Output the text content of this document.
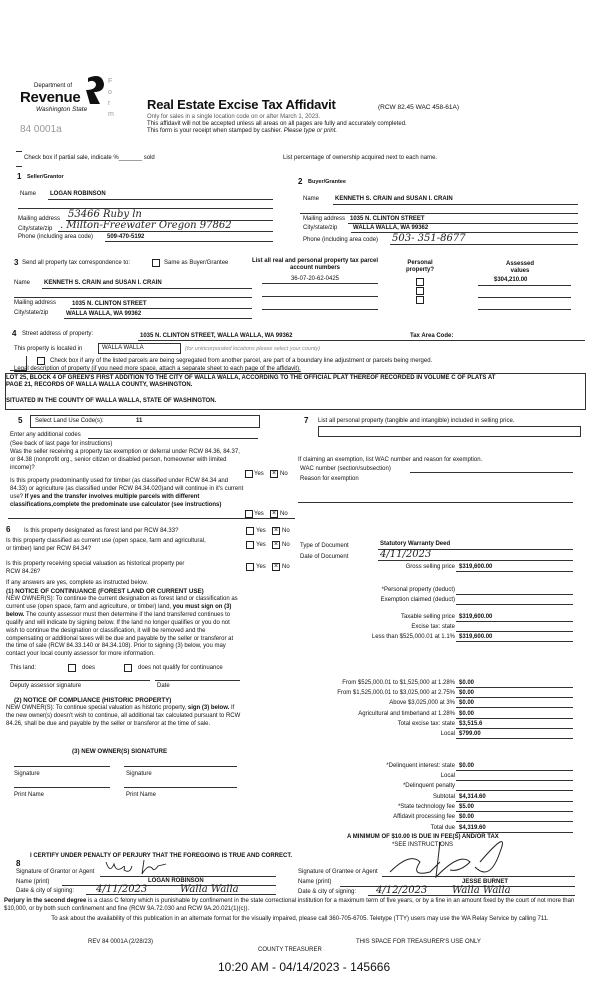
Department of
Revenue
Washington State
Form
84 0001a
Real Estate Excise Tax Affidavit	(RCW 82.45 WAC 458-61A)
Only for sales in a single location code on or after March 1, 2023.
This affidavit will not be accepted unless all areas on all pages are fully and accurately completed.
This form is your receipt when stamped by cashier. Please type or print.
Check box if partial sale, indicate %_______ sold	List percentage of ownership acquired next to each name.
1 Seller/Grantor
Name LOGAN ROBINSON
Mailing address 53466 Ruby ln
City/state/zip . Milton-Freewater Oregon 97862
Phone (including area code) 509-470-5192
2 Buyer/Grantee
Name	KENNETH S. CRAIN and SUSAN I. CRAIN
Mailing address 1035 N. CLINTON STREET
City/state/zip	WALLA WALLA, WA 99362
Phone (including area code) 503- 351-8677
3 Send all property tax correspondence to:	Same as Buyer/Grantee
Name KENNETH S. CRAIN and SUSAN I. CRAIN
Mailing address	1035 N. CLINTON STREET
City/state/zip	WALLA WALLA, WA 99362
List all real and personal property tax parcel account numbers
36-07-20-62-0425
Personal property?
Assessed values
$304,210.00
4 Street address of property:	1035 N. CLINTON STREET, WALLA WALLA, WA 99362	Tax Area Code:
This property is located in	WALLA WALLA	(for unincorporated locations please select your county)
Check box if any of the listed parcels are being segregated from another parcel, are part of a boundary line adjustment or parcels being merged.
Legal description of property (if you need more space, attach a separate sheet to each page of the affidavit).
LOT 25, BLOCK 4 OF GREEN'S FIRST ADDITION TO THE CITY OF WALLA WALLA, ACCORDING TO THE OFFICIAL PLAT THEREOF RECORDED IN VOLUME C OF PLATS AT
PAGE 21, RECORDS OF WALLA WALLA COUNTY, WASHINGTON.
SITUATED IN THE COUNTY OF WALLA WALLA, STATE OF WASHINGTON.
5 Select Land Use Code(s):	11
Enter any additional codes
(See back of last page for instructions)
Was the seller receiving a property tax exemption or deferral under RCW 84.36, 84.37, or 84.38 (nonprofit org., senior citizen or disabled person, homeowner with limited income)?
Yes × No
Is this property predominantly used for timber (as classified under RCW 84.34 and 84.33) or agriculture (as classified under RCW 84.34.020)and will continue in it's current use? If yes and the transfer involves multiple parcels with different classifications,complete the predominate use calculator (see instructions)
Yes × No
6 Is this property designated as forest land per RCW 84.33?
Is this property classified as current use (open space, farm and agricultural, or timber) land per RCW 84.34?
Is this property receiving special valuation as historical property per RCW 84.26?
Yes × No
Yes × No
Yes × No
If any answers are yes, complete as instructed below.
(1) NOTICE OF CONTINUANCE (FOREST LAND OR CURRENT USE)
NEW OWNER(S): To continue the current designation as forest land or classification as current use (open space, farm and agriculture, or timber) land, you must sign on (3) below. The county assessor must then determine if the land transferred continues to qualify and will indicate by signing below. If the land no longer qualifies or you do not wish to continue the designation or classification, it will be removed and the compensating or additional taxes will be due and payable by the seller or transferor at the time of sale (RCW 84.33.140 or 84.34.108). Prior to signing (3) below, you may contact your local county assessor for more information.
This land:	does	does not qualify for continuance
Deputy assessor signature	Date
(2) NOTICE OF COMPLIANCE (HISTORIC PROPERTY)
NEW OWNER(S): To continue special valuation as historic property, sign (3) below. If the new owner(s) doesn't wish to continue, all additional tax calculated pursuant to RCW 84.26, shall be due and payable by the seller or transferor at the time of sale.
(3) NEW OWNER(S) SIGNATURE
Signature	Signature
Print Name	Print Name
7 List all personal property (tangible and intangible) included in selling price.
If claiming an exemption, list WAC number and reason for exemption.
WAC number (section/subsection)
Reason for exemption
Type of Document	Statutory Warranty Deed
Date of Document	4/11/2023
Gross selling price $319,600.00
*Personal property (deduct)
Exemption claimed (deduct)
Taxable selling price $319,600.00
Excise tax: state
Less than $525,000.01 at 1.1% $319,600.00
From $525,000.01 to $1,525,000 at 1.28% $0.00
From $1,525,000.01 to $3,025,000 at 2.75% $0.00
Above $3,025,000 at 3% $0.00
Agricultural and timberland at 1.28% $0.00
Total excise tax: state $3,515.6
Local $799.00
*Delinquent interest: state $0.00
Local
*Delinquent penalty
Subtotal $4,314.60
*State technology fee $5.00
Affidavit processing fee $0.00
Total due $4,319.60
A MINIMUM OF $10.00 IS DUE IN FEE(S) AND/OR TAX
*SEE INSTRUCTIONS
I CERTIFY UNDER PENALTY OF PERJURY THAT THE FOREGOING IS TRUE AND CORRECT.
8
Signature of Grantor or Agent
Name (print)	LOGAN ROBINSON
Date & city of signing: 4/11/2023	Walla Walla
Signature of Grantee or Agent
Name (print)	JESSE BURNET
Date & city of signing: 4/12/2023 Walla Walla
Perjury in the second degree is a class C felony which is punishable by confinement in the state correctional institution for a maximum term of five years, or by a fine in an amount fixed by the court of not more than $10,000, or by both such confinement and fine (RCW 9A.72.030 and RCW 9A.20.021(1)(c)).
To ask about the availability of this publication in an alternate format for the visually impaired, please call 360-705-6705. Teletype (TTY) users may use the WA Relay Service by calling 711.
REV 84 0001A (2/28/23)	THIS SPACE FOR TREASURER'S USE ONLY
COUNTY TREASURER
10:20 AM - 04/14/2023 - 145666
